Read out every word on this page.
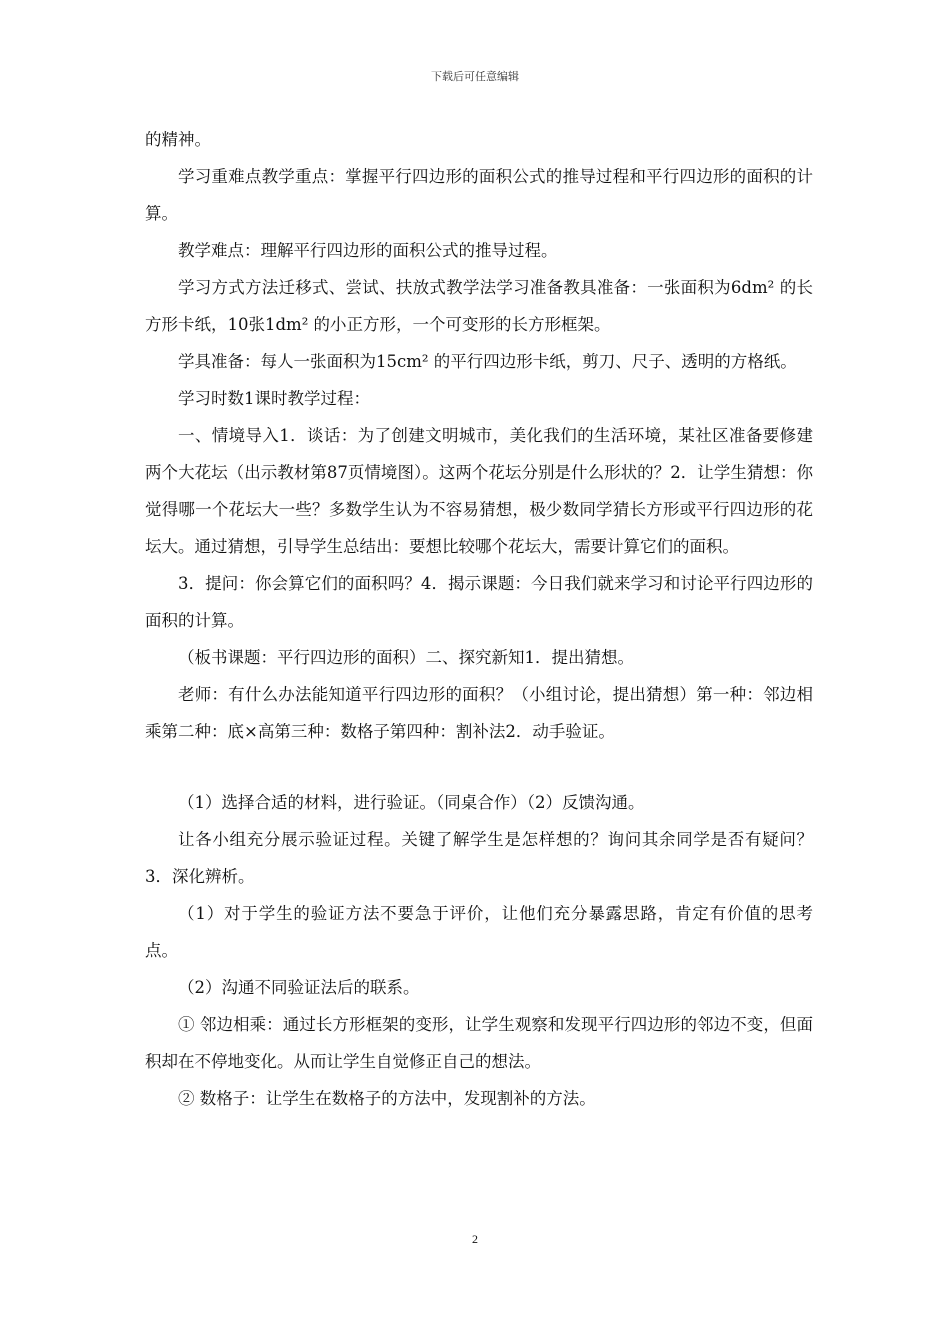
下载后可任意编辑

的精神。

学习重难点教学重点：掌握平行四边形的面积公式的推导过程和平行四边形的面积的计算。

教学难点：理解平行四边形的面积公式的推导过程。

学习方式方法迁移式、尝试、扶放式教学法学习准备教具准备：一张面积为6dm² 的长方形卡纸，10张1dm² 的小正方形，一个可变形的长方形框架。

学具准备：每人一张面积为15cm² 的平行四边形卡纸，剪刀、尺子、透明的方格纸。

学习时数1课时教学过程：

一、情境导入1．谈话：为了创建文明城市，美化我们的生活环境，某社区准备要修建两个大花坛（出示教材第87页情境图）。这两个花坛分别是什么形状的？2．让学生猜想：你觉得哪一个花坛大一些？多数学生认为不容易猜想，极少数同学猜长方形或平行四边形的花坛大。通过猜想，引导学生总结出：要想比较哪个花坛大，需要计算它们的面积。

3．提问：你会算它们的面积吗？4．揭示课题：今日我们就来学习和讨论平行四边形的面积的计算。

（板书课题：平行四边形的面积）二、探究新知1．提出猜想。

老师：有什么办法能知道平行四边形的面积？（小组讨论，提出猜想）第一种：邻边相乘第二种：底×高第三种：数格子第四种：割补法2．动手验证。

（1）选择合适的材料，进行验证。（同桌合作）（2）反馈沟通。

让各小组充分展示验证过程。关键了解学生是怎样想的？询问其余同学是否有疑问？3．深化辨析。

（1）对于学生的验证方法不要急于评价，让他们充分暴露思路，肯定有价值的思考点。

（2）沟通不同验证法后的联系。

① 邻边相乘：通过长方形框架的变形，让学生观察和发现平行四边形的邻边不变，但面积却在不停地变化。从而让学生自觉修正自己的想法。

② 数格子：让学生在数格子的方法中，发现割补的方法。

2
